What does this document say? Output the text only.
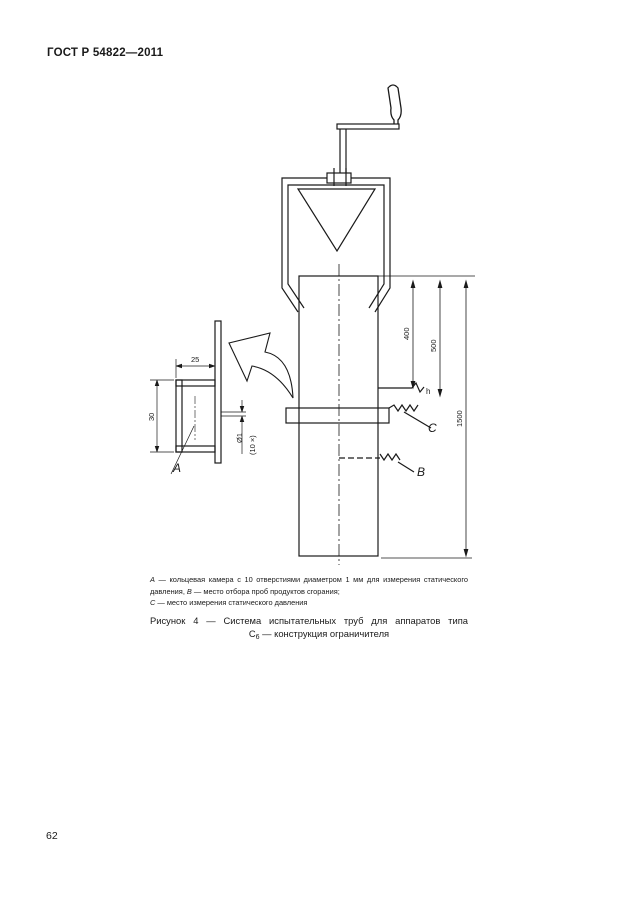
ГОСТ Р 54822—2011
25
30
Ø1 (10 ×)
400
500
1500
h
A	B
C

A — кольцевая камера с 10 отверстиями диаметром 1 мм для измерения статического давления, B — место отбора проб продуктов сгорания;

C — место измерения статического давления

Рисунок 4 — Система испытательных труб для аппаратов типа
$C_6$ — конструкция ограничителя
62
